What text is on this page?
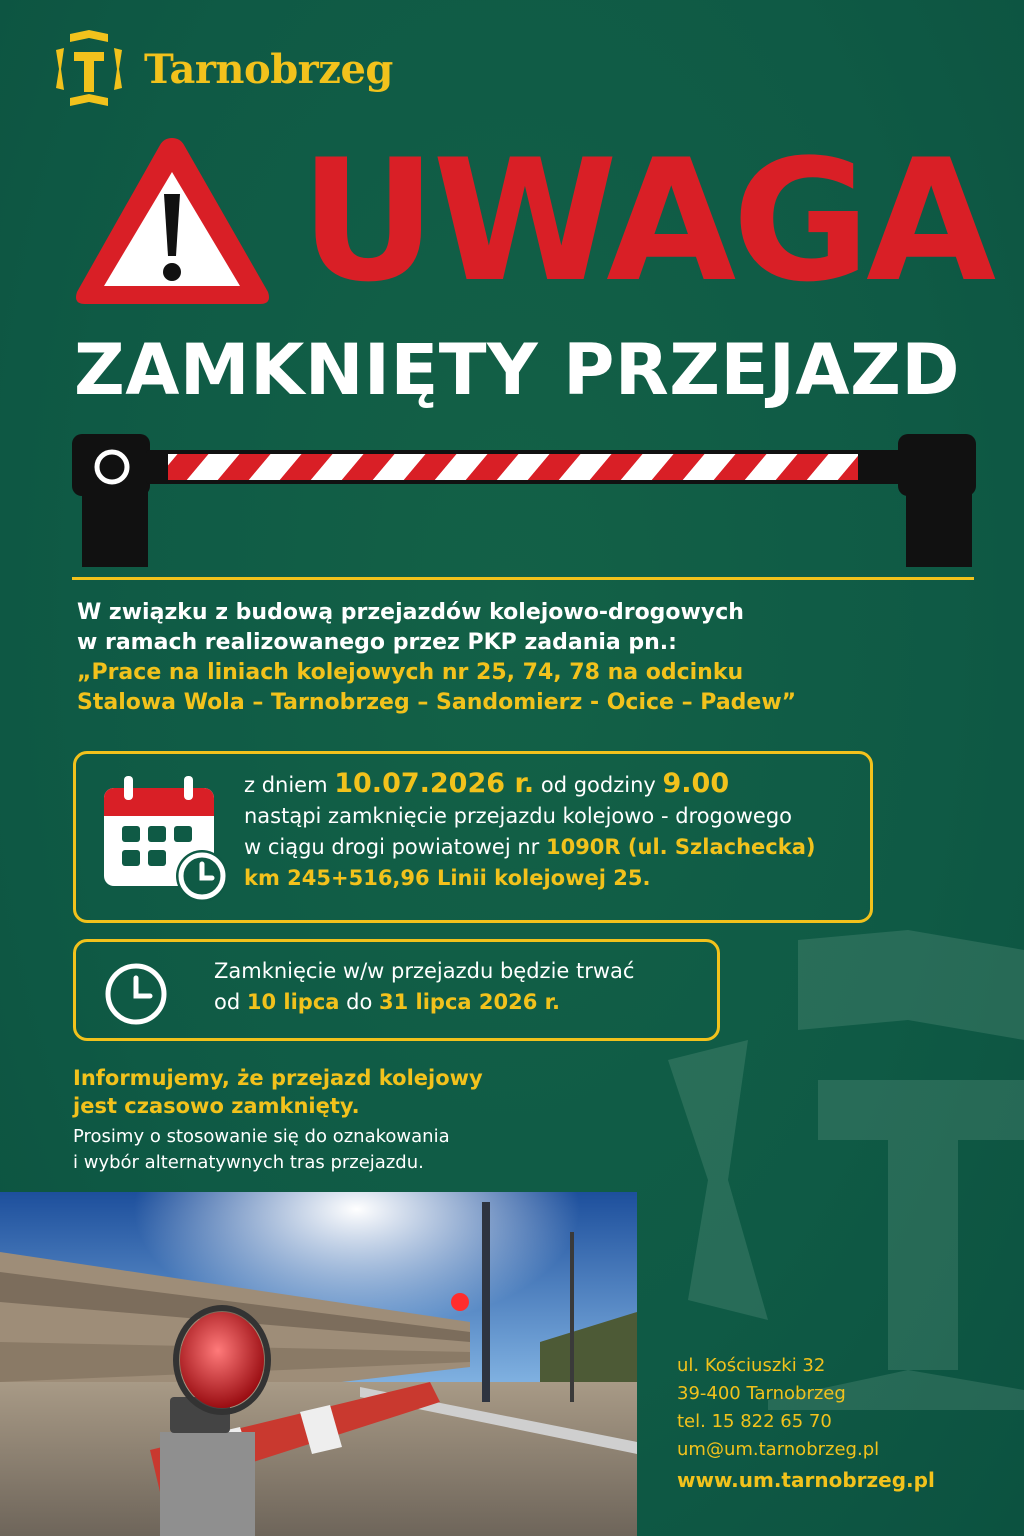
Tarnobrzeg
UWAGA
ZAMKNIĘTY PRZEJAZD
W związku z budową przejazdów kolejowo-drogowych
w ramach realizowanego przez PKP zadania pn.:
„Prace na liniach kolejowych nr 25, 74, 78 na odcinku
Stalowa Wola – Tarnobrzeg – Sandomierz - Ocice – Padew”
z dniem 10.07.2026 r. od godziny 9.00
nastąpi zamknięcie przejazdu kolejowo - drogowego
w ciągu drogi powiatowej nr 1090R (ul. Szlachecka)
km 245+516,96 Linii kolejowej 25.
Zamknięcie w/w przejazdu będzie trwać
od 10 lipca do 31 lipca 2026 r.
Informujemy, że przejazd kolejowy
jest czasowo zamknięty.
Prosimy o stosowanie się do oznakowania
i wybór alternatywnych tras przejazdu.
ul. Kościuszki 32
39-400 Tarnobrzeg
tel. 15 822 65 70
um@um.tarnobrzeg.pl
www.um.tarnobrzeg.pl
